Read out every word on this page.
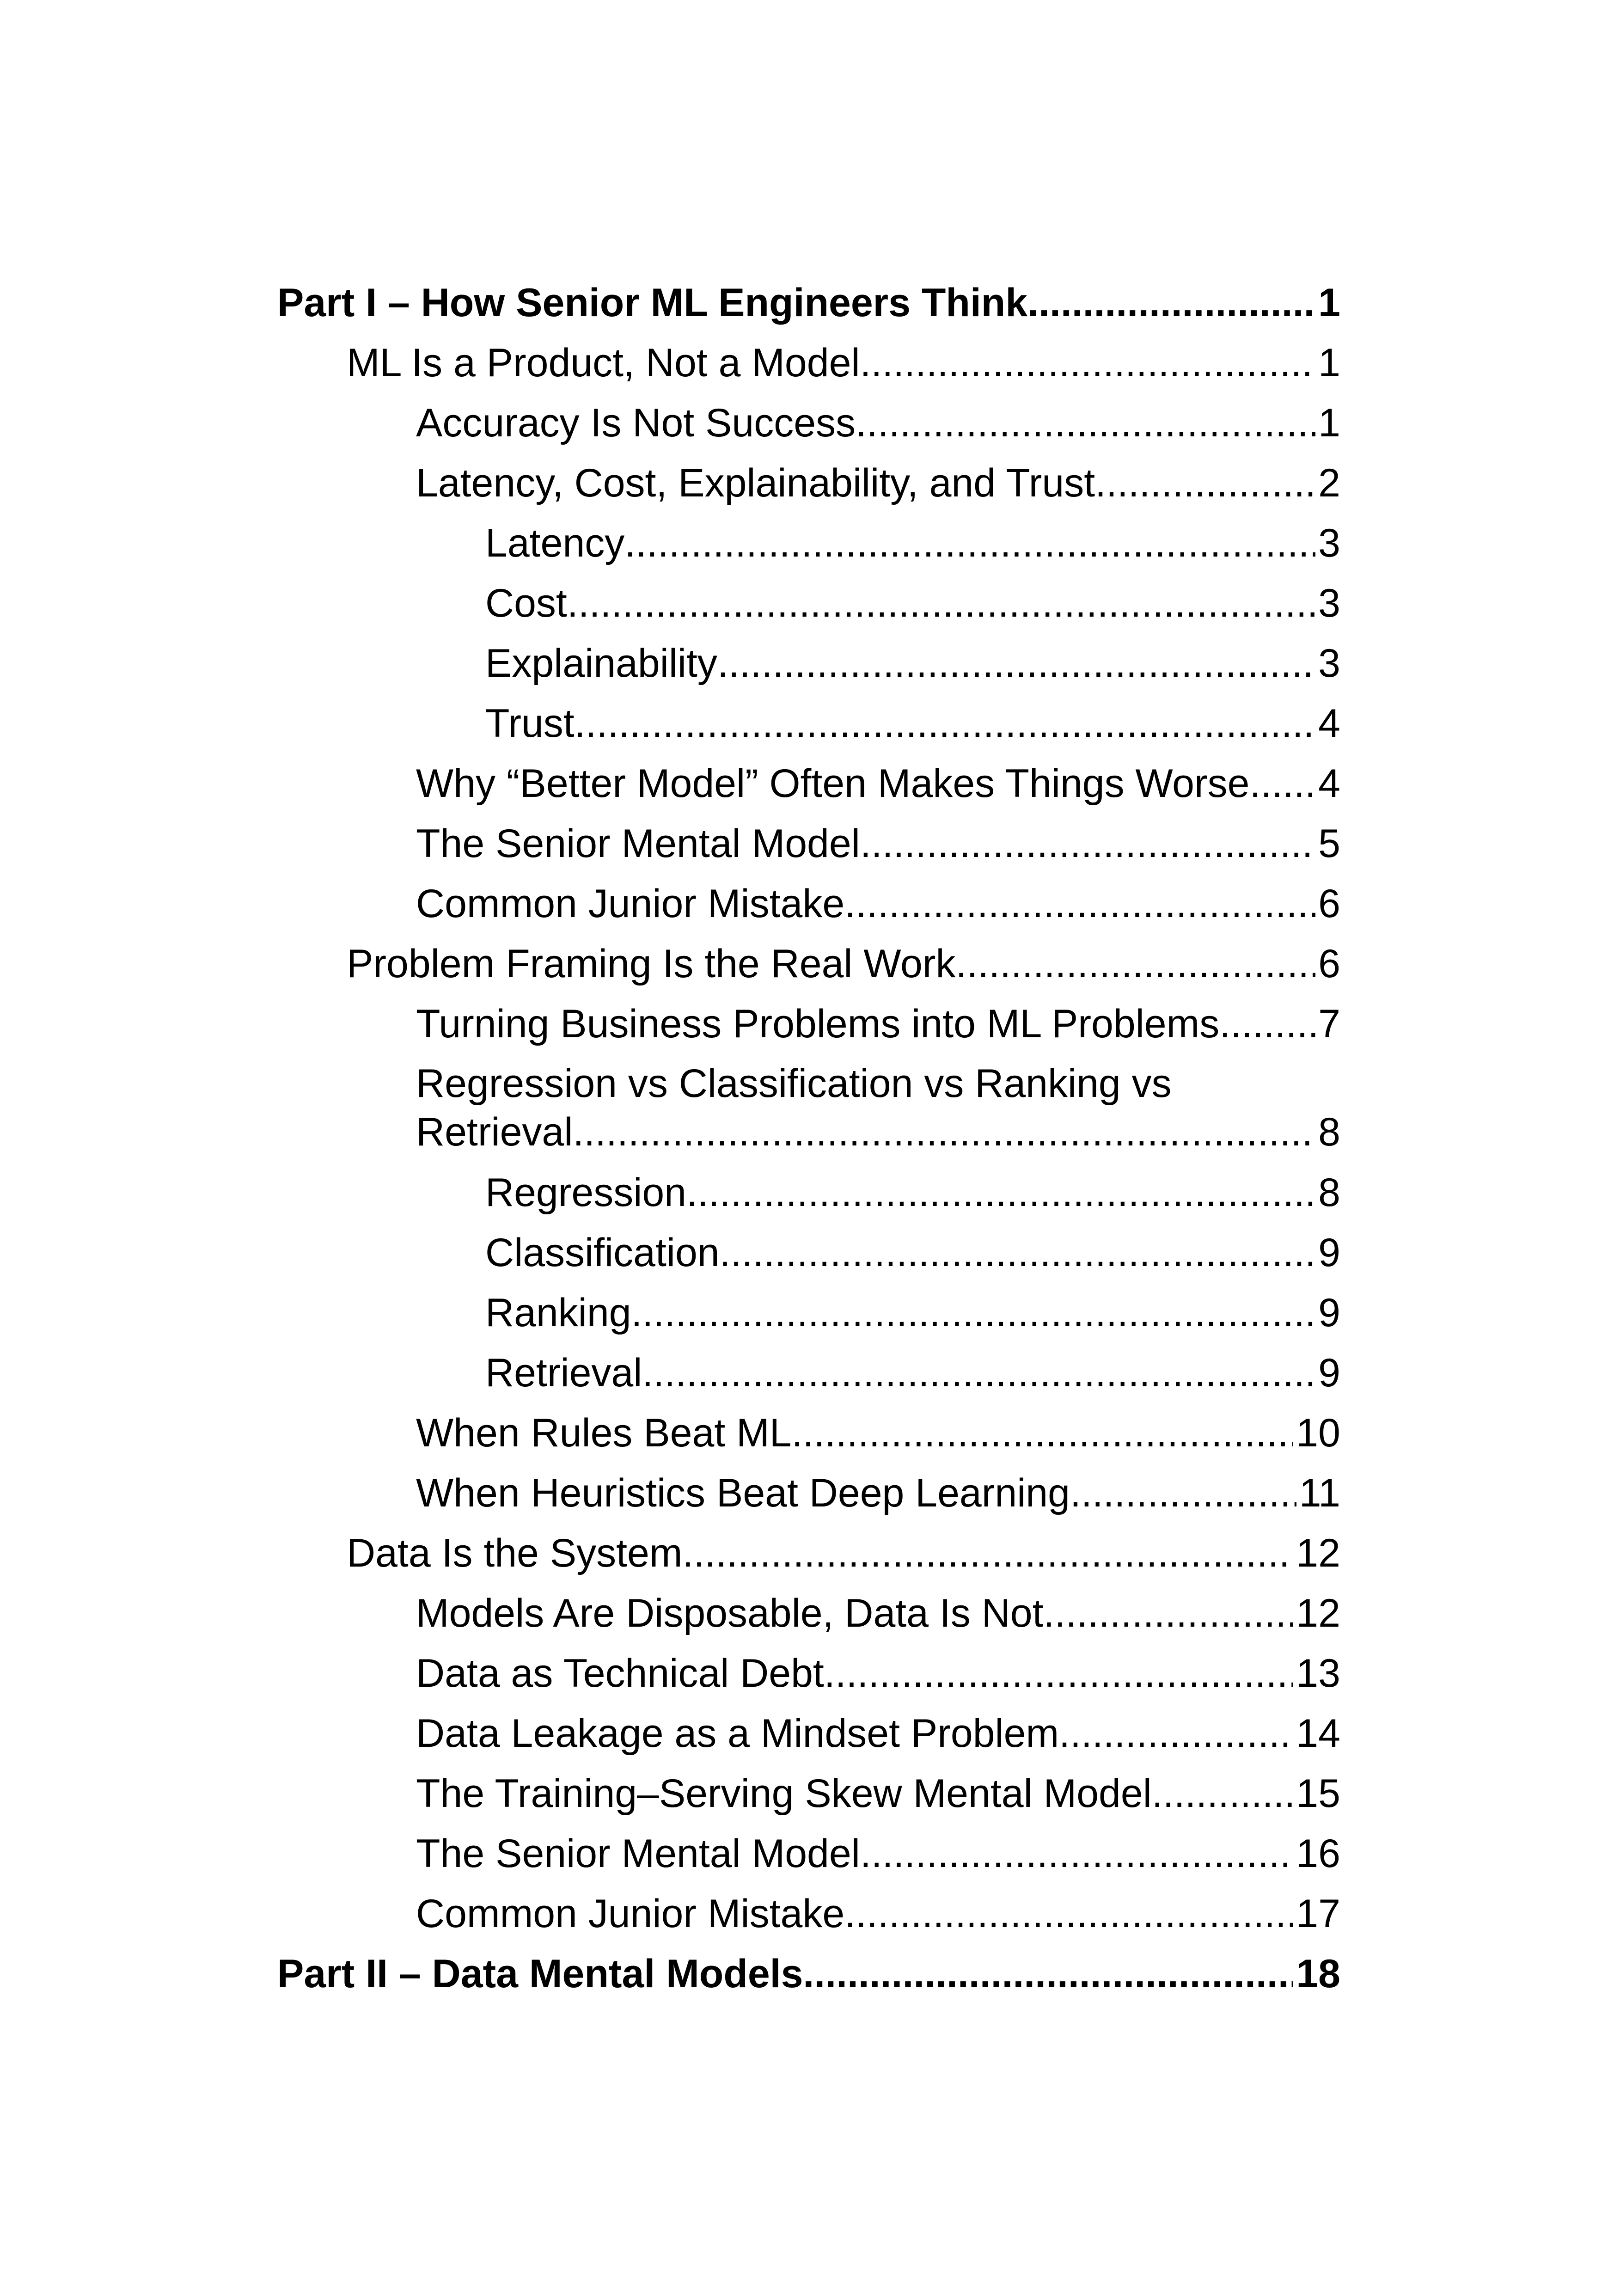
Part I – How Senior ML Engineers Think .....	1
ML Is a Product, Not a Model .....	1
Accuracy Is Not Success .....	1
Latency, Cost, Explainability, and Trust .....	2
Latency .....	3
Cost .....	3
Explainability .....	3
Trust .....	4
Why “Better Model” Often Makes Things Worse ..... 4
The Senior Mental Model .....	5
Common Junior Mistake .....	6
Problem Framing Is the Real Work .....	6
Turning Business Problems into ML Problems ..... 7
Regression vs Classification vs Ranking vs
Retrieval .....	8
Regression .....	8
Classification .....	9
Ranking .....	9
Retrieval .....	9
When Rules Beat ML .....	10
When Heuristics Beat Deep Learning .....	11
Data Is the System .....	12
Models Are Disposable, Data Is Not .....	12
Data as Technical Debt .....	13
Data Leakage as a Mindset Problem .....	14
The Training–Serving Skew Mental Model .....	15
The Senior Mental Model .....	16
Common Junior Mistake .....	17
Part II – Data Mental Models .....	18
